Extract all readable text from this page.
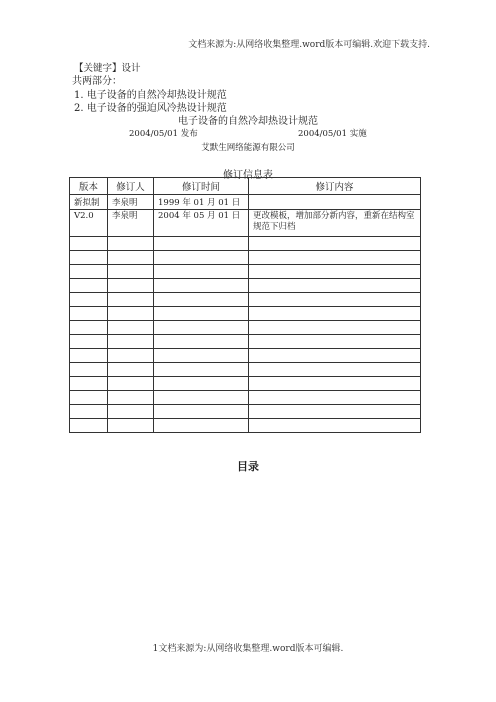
文档来源为:从网络收集整理.word版本可编辑.欢迎下载支持.
【关键字】设计
共两部分：
1. 电子设备的自然冷却热设计规范
2. 电子设备的强迫风冷热设计规范
电子设备的自然冷却热设计规范
2004/05/01 发布	2004/05/01 实施
艾默生网络能源有限公司
修订信息表
版本	修订人	修订时间	修订内容
新拟制	李泉明	1999 年 01 月 01 日	
V2.0	李泉明	2004 年 05 月 01 日	更改模板，增加部分新内容，重新在结构室规范下归档

目录
1文档来源为:从网络收集整理.word版本可编辑.
